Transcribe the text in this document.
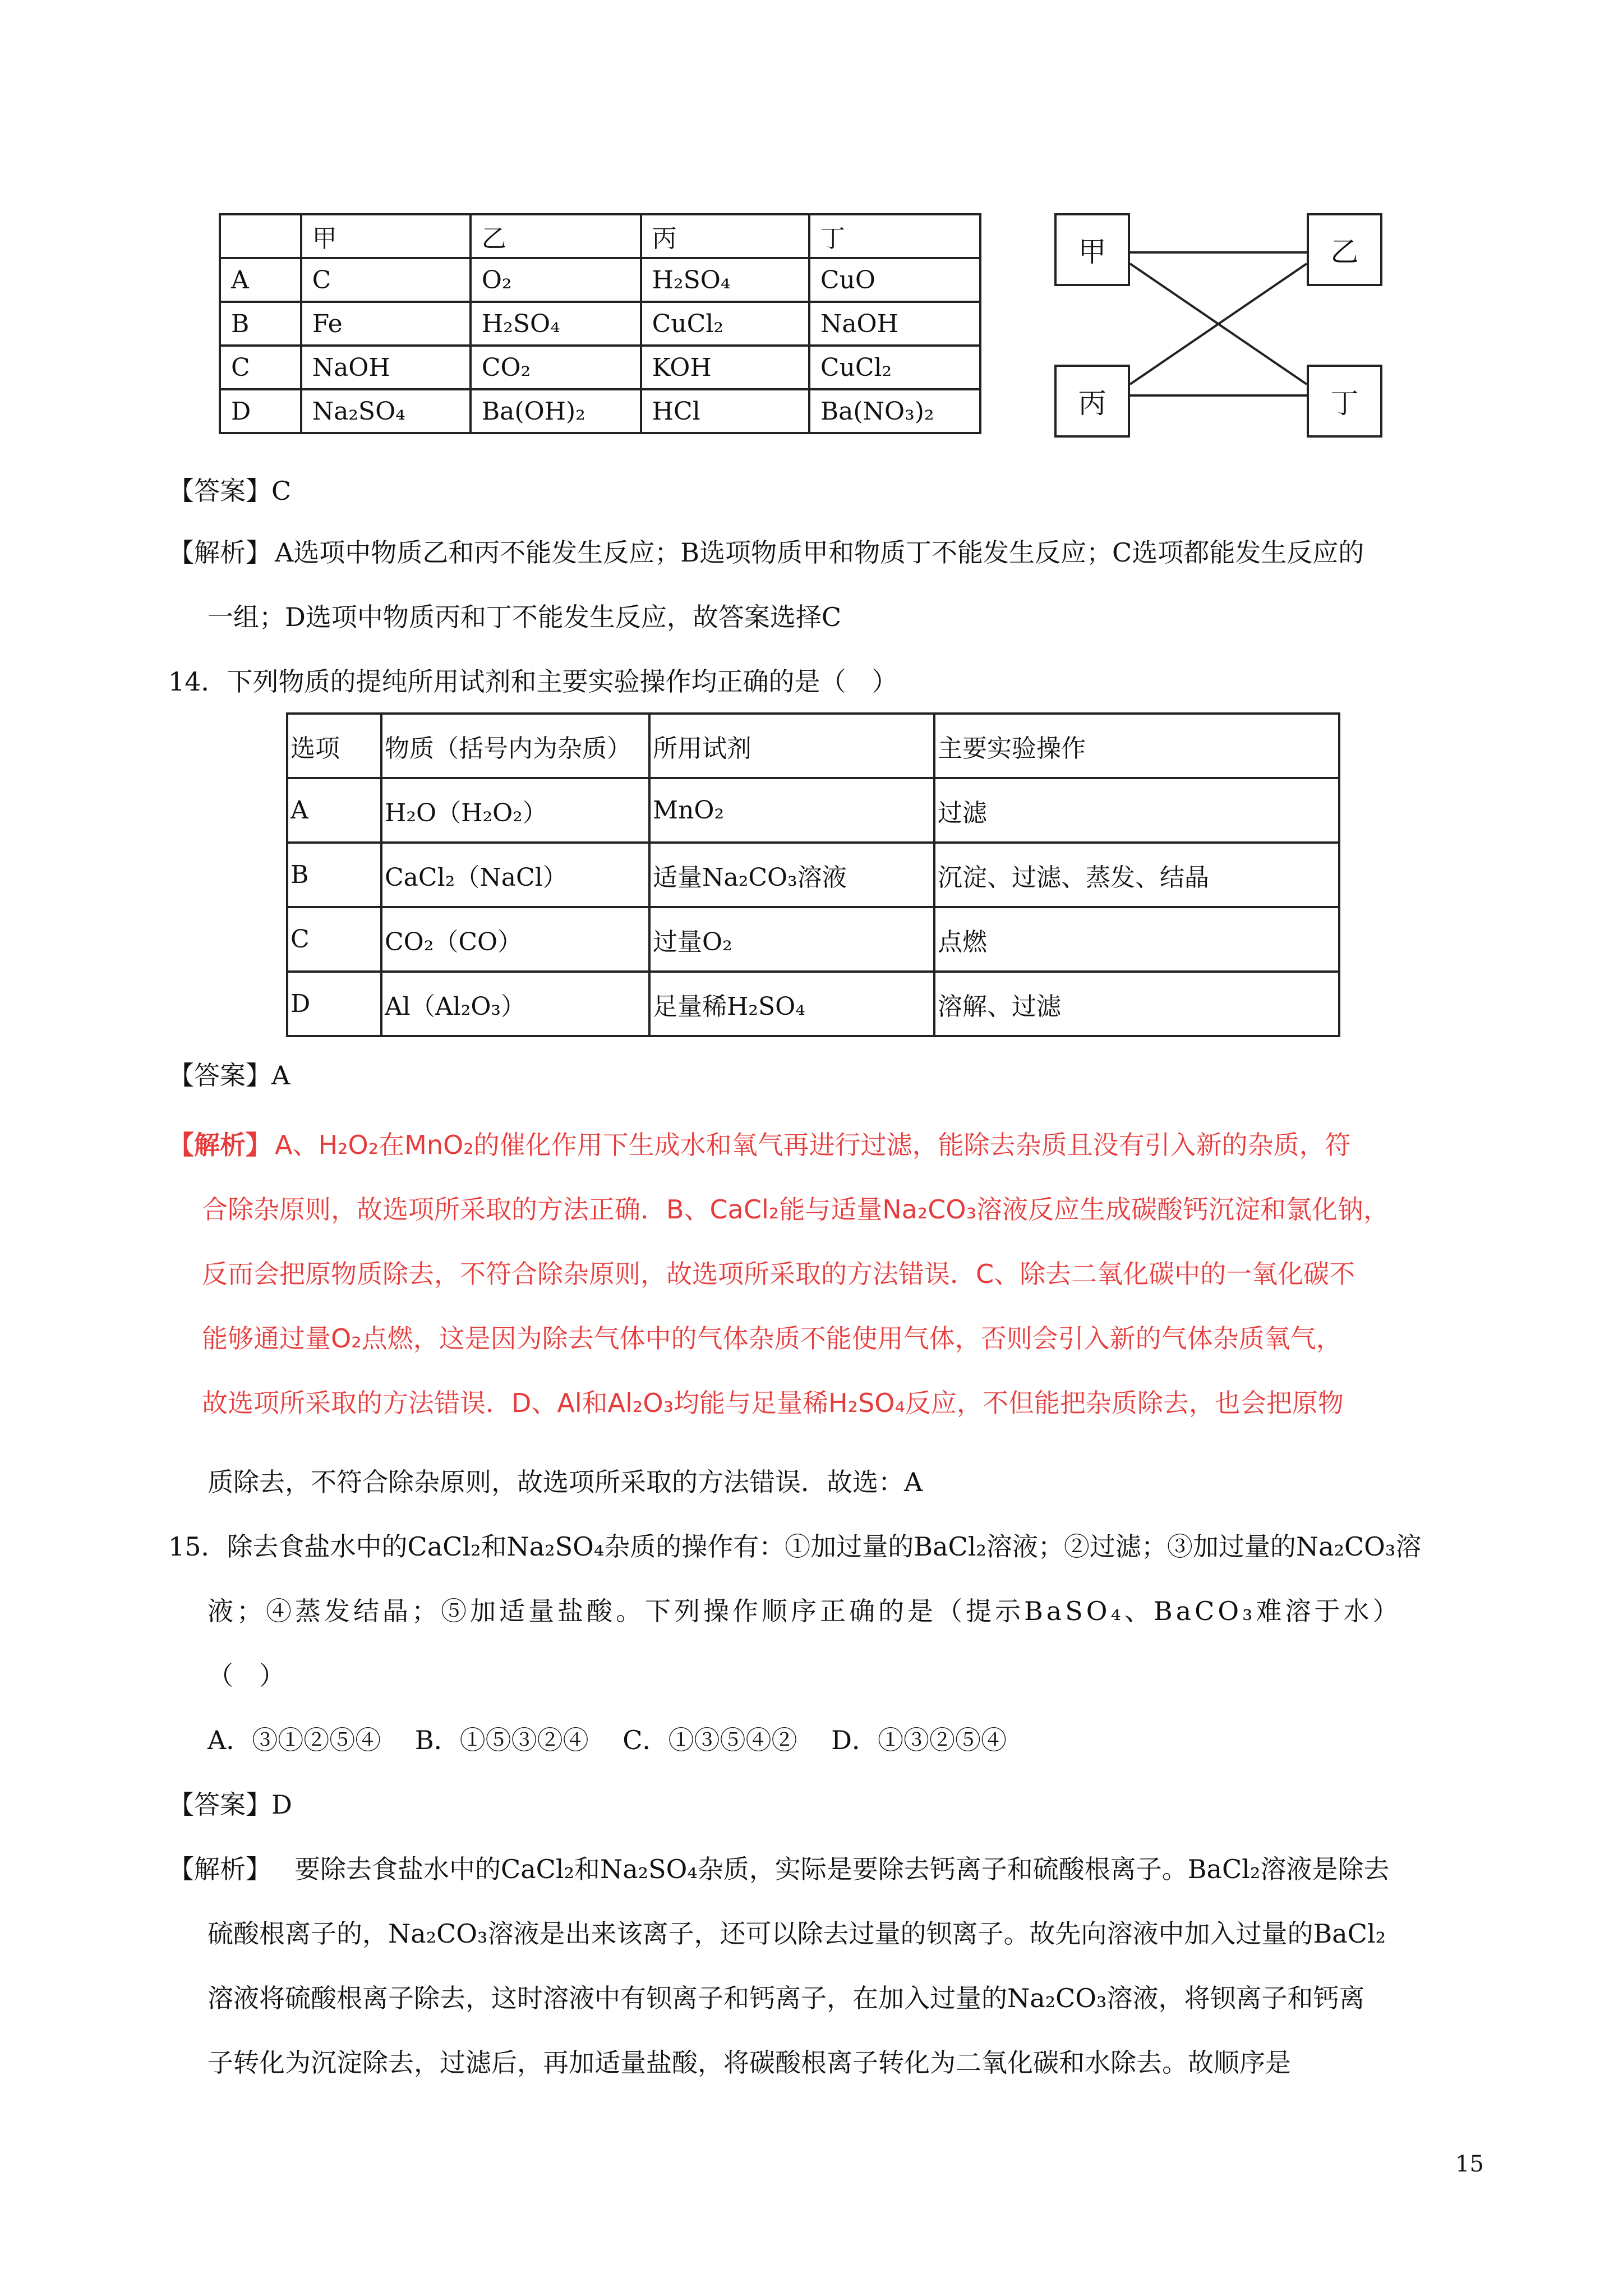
	甲	乙	丙	丁
A	C	O₂	H₂SO₄	CuO
B	Fe	H₂SO₄	CuCl₂	NaOH
C	NaOH	CO₂	KOH	CuCl₂
D	Na₂SO₄	Ba(OH)₂	HCl	Ba(NO₃)₂
甲	乙
丙	丁
【答案】C
【解析】 A选项中物质乙和丙不能发生反应；B选项物质甲和物质丁不能发生反应；C选项都能发生反应的
一组；D选项中物质丙和丁不能发生反应，故答案选择C
14．下列物质的提纯所用试剂和主要实验操作均正确的是（　）
选项	物质（括号内为杂质）	所用试剂	主要实验操作
A	H₂O（H₂O₂）	MnO₂	过滤
B	CaCl₂（NaCl）	适量Na₂CO₃溶液	沉淀、过滤、蒸发、结晶
C	CO₂（CO）	过量O₂	点燃
D	Al（Al₂O₃）	足量稀H₂SO₄	溶解、过滤
【答案】A
【解析】 A、H₂O₂在MnO₂的催化作用下生成水和氧气再进行过滤，能除去杂质且没有引入新的杂质，符
合除杂原则，故选项所采取的方法正确．B、CaCl₂能与适量Na₂CO₃溶液反应生成碳酸钙沉淀和氯化钠，
反而会把原物质除去，不符合除杂原则，故选项所采取的方法错误．C、除去二氧化碳中的一氧化碳不
能够通过量O₂点燃，这是因为除去气体中的气体杂质不能使用气体，否则会引入新的气体杂质氧气，
故选项所采取的方法错误．D、Al和Al₂O₃均能与足量稀H₂SO₄反应，不但能把杂质除去，也会把原物
质除去，不符合除杂原则，故选项所采取的方法错误．故选：A
15．除去食盐水中的CaCl₂和Na₂SO₄杂质的操作有：①加过量的BaCl₂溶液；②过滤；③加过量的Na₂CO₃溶
液；④蒸发结晶；⑤加适量盐酸。下列操作顺序正确的是（提示BaSO₄、BaCO₃难溶于水）
（　）
A．③①②⑤④　 B．①⑤③②④　 C．①③⑤④②　 D．①③②⑤④
【答案】D
【解析】 要除去食盐水中的CaCl₂和Na₂SO₄杂质，实际是要除去钙离子和硫酸根离子。BaCl₂溶液是除去
硫酸根离子的，Na₂CO₃溶液是出来该离子，还可以除去过量的钡离子。故先向溶液中加入过量的BaCl₂
溶液将硫酸根离子除去，这时溶液中有钡离子和钙离子，在加入过量的Na₂CO₃溶液，将钡离子和钙离
子转化为沉淀除去，过滤后，再加适量盐酸，将碳酸根离子转化为二氧化碳和水除去。故顺序是
15
